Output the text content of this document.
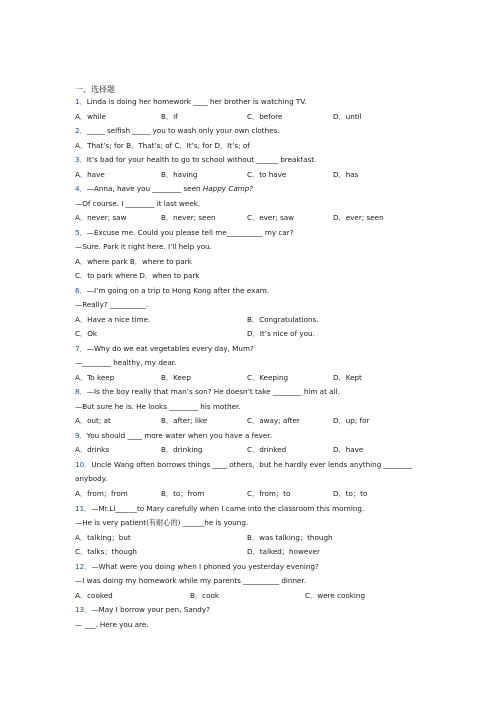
一、选择题
1．Linda is doing her homework ____ her brother is watching TV.
A．while	B．if	C．before	D．until
2．_____ selfish _____ you to wash only your own clothes.
A．That’s; for B．That’s; of C．It’s; for D．It’s; of
3．It’s bad for your health to go to school without ______ breakfast.
A．have	B．having	C．to have	D．has
4．—Anna, have you ________ seen Happy Camp?
—Of course. I ________ it last week.
A．never; saw	B．never; seen	C．ever; saw	D．ever; seen
5．—Excuse me. Could you please tell me__________ my car?
—Sure. Park it right here. I’ll help you.
A．where park B．where to park
C．to park where D．when to park
6．—I’m going on a trip to Hong Kong after the exam.
—Really? __________.
A．Have a nice time.	B．Congratulations.
C．Ok	D．It’s nice of you.
7．—Why do we eat vegetables every day, Mum?
—________ healthy, my dear.
A．To keep	B．Keep	C．Keeping	D．Kept
8．—Is the boy really that man’s son? He doesn’t take ________ him at all.
—But sure he is. He looks ________ his mother.
A．out; at	B．after; like	C．away; after	D．up; for
9．You should ____ more water when you have a fever.
A．drinks	B．drinking	C．drinked	D．have
10．Uncle Wang often borrows things ____ others，but he hardly ever lends anything ________
anybody.
A．from；from	B．to；from	C．from；to	D．to；to
11．—Mr.Li______to Mary carefully when I came into the classroom this morning.
—He is very patient(有耐心的) ______he is young.
A．talking；but	B．was talking；though
C．talks；though	D．talked；however
12．—What were you doing when I phoned you yesterday evening?
—I was doing my homework while my parents __________ dinner.
A．cooked	B．cook	C．were cooking
13．—May I borrow your pen, Sandy?
— ___. Here you are.
